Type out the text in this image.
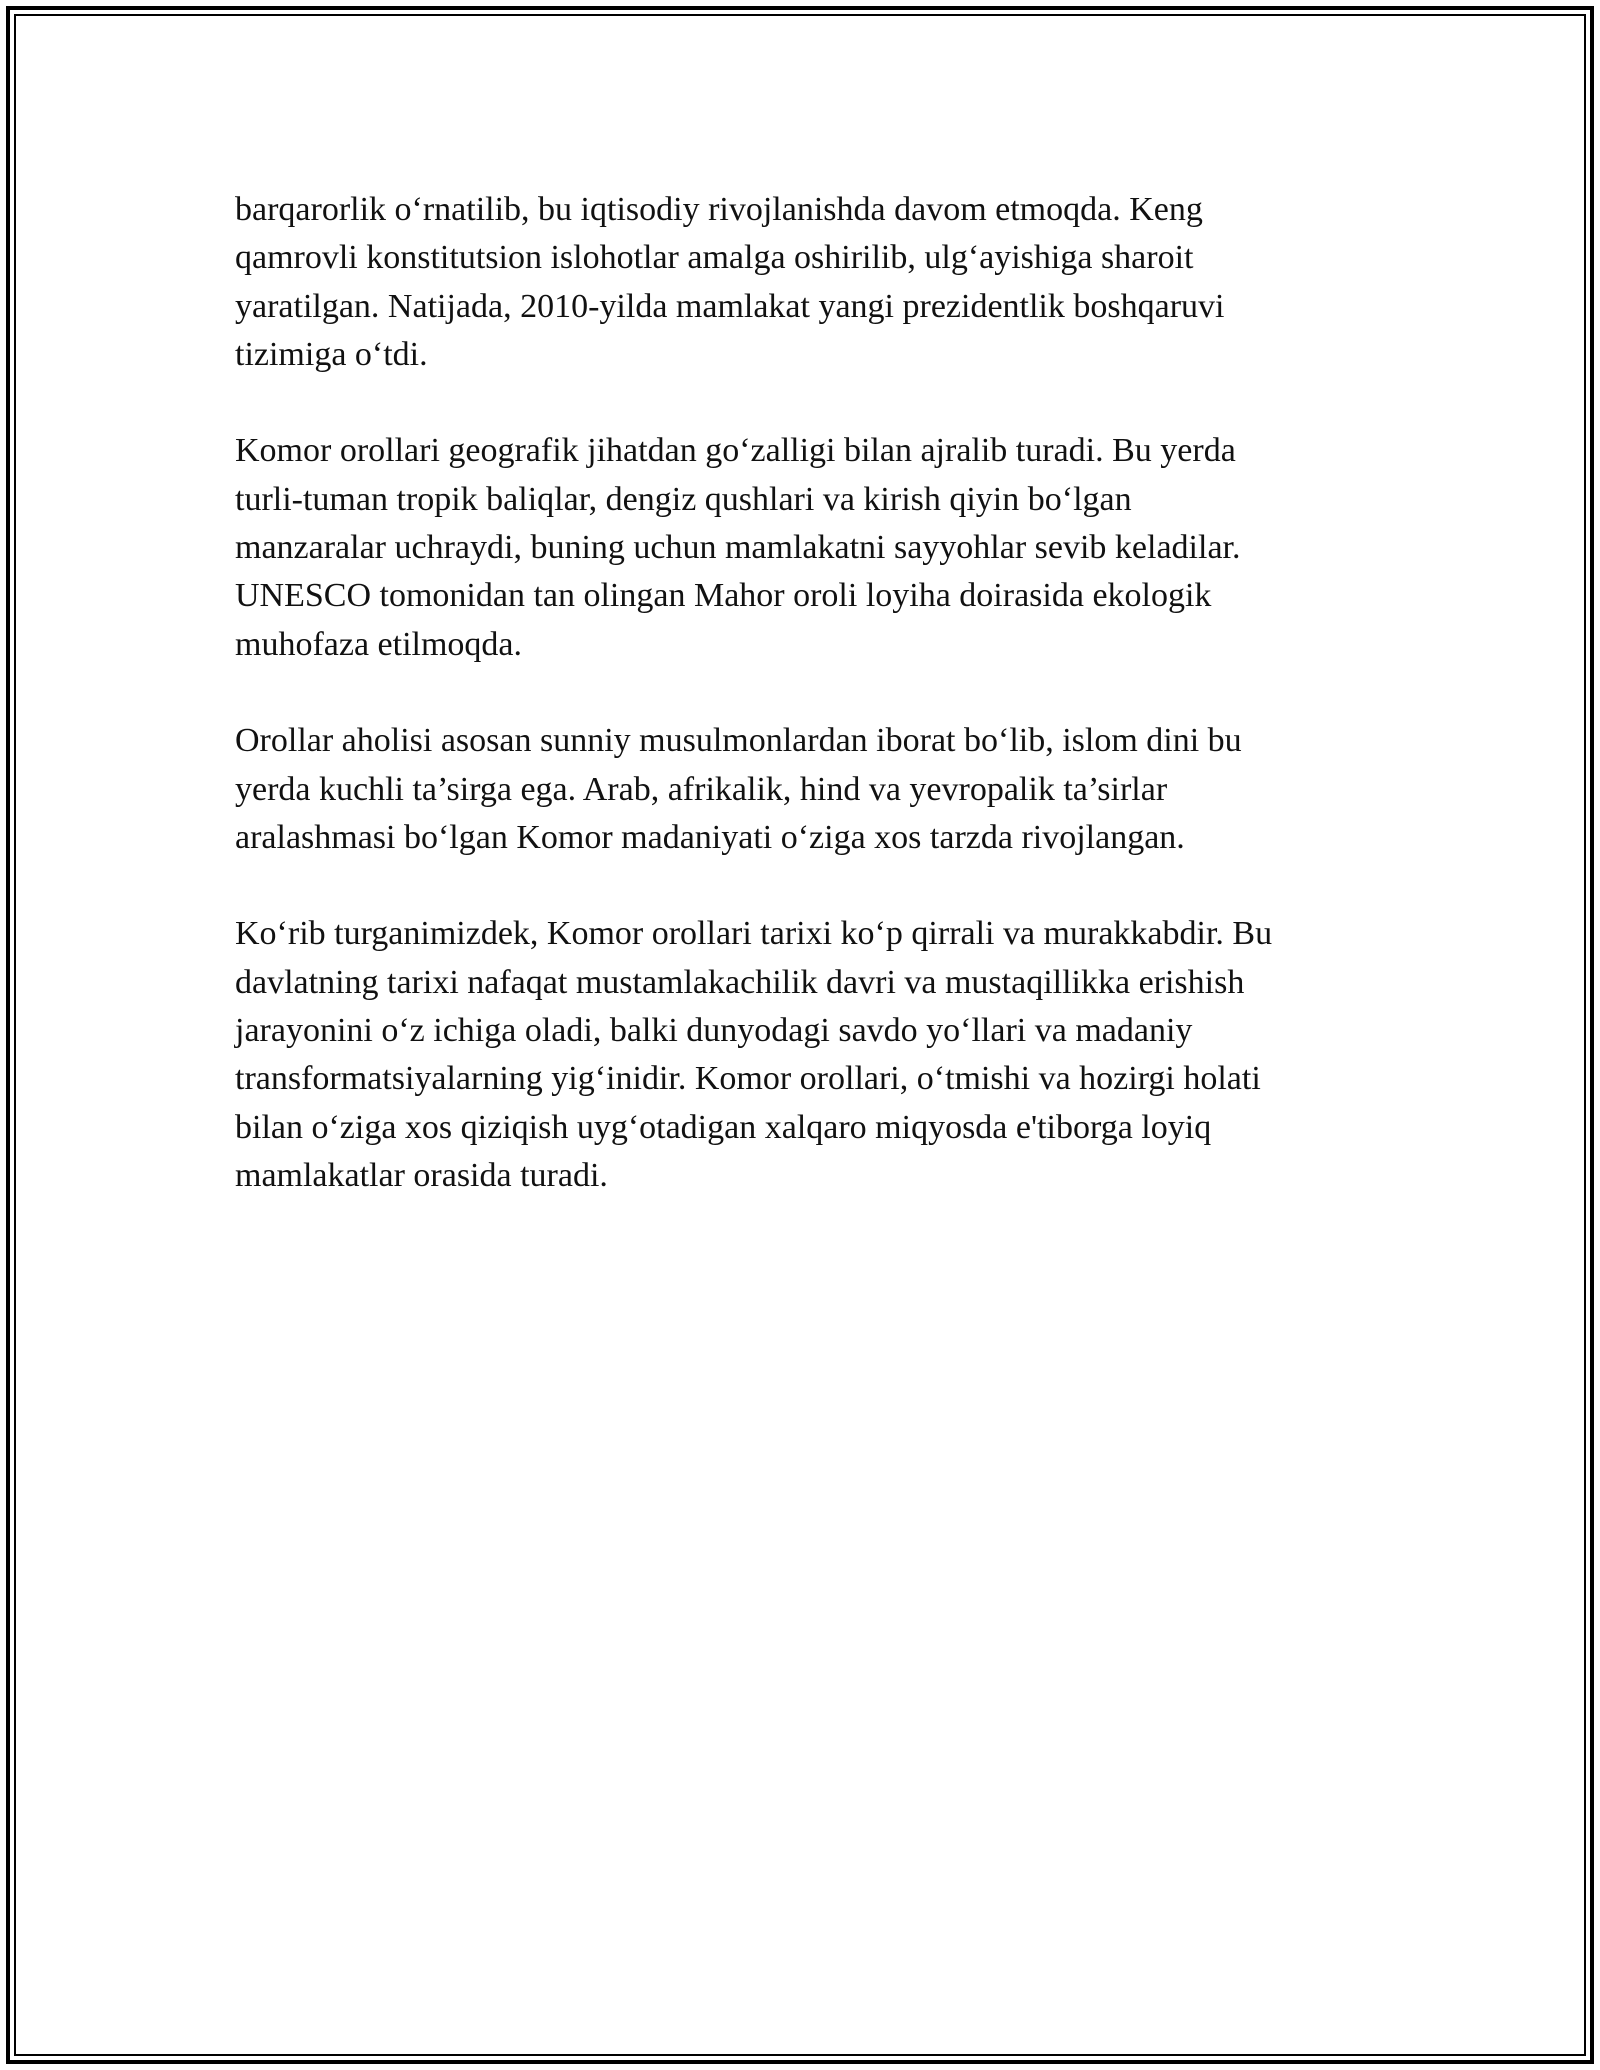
barqarorlik o‘rnatilib, bu iqtisodiy rivojlanishda davom etmoqda. Keng
qamrovli konstitutsion islohotlar amalga oshirilib, ulg‘ayishiga sharoit
yaratilgan. Natijada, 2010-yilda mamlakat yangi prezidentlik boshqaruvi
tizimiga o‘tdi.

Komor orollari geografik jihatdan go‘zalligi bilan ajralib turadi. Bu yerda
turli-tuman tropik baliqlar, dengiz qushlari va kirish qiyin bo‘lgan
manzaralar uchraydi, buning uchun mamlakatni sayyohlar sevib keladilar.
UNESCO tomonidan tan olingan Mahor oroli loyiha doirasida ekologik
muhofaza etilmoqda.

Orollar aholisi asosan sunniy musulmonlardan iborat bo‘lib, islom dini bu
yerda kuchli ta’sirga ega. Arab, afrikalik, hind va yevropalik ta’sirlar
aralashmasi bo‘lgan Komor madaniyati o‘ziga xos tarzda rivojlangan.

Ko‘rib turganimizdek, Komor orollari tarixi ko‘p qirrali va murakkabdir. Bu
davlatning tarixi nafaqat mustamlakachilik davri va mustaqillikka erishish
jarayonini o‘z ichiga oladi, balki dunyodagi savdo yo‘llari va madaniy
transformatsiyalarning yig‘inidir. Komor orollari, o‘tmishi va hozirgi holati
bilan o‘ziga xos qiziqish uyg‘otadigan xalqaro miqyosda e'tiborga loyiq
mamlakatlar orasida turadi.
